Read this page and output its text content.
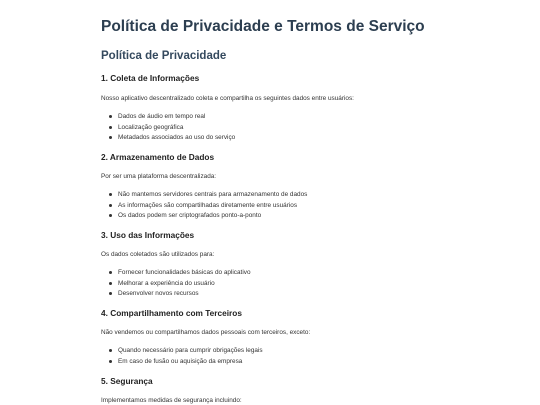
Política de Privacidade e Termos de Serviço
Política de Privacidade
1. Coleta de Informações

Nosso aplicativo descentralizado coleta e compartilha os seguintes dados entre usuários:

Dados de áudio em tempo real
Localização geográfica
Metadados associados ao uso do serviço
2. Armazenamento de Dados

Por ser uma plataforma descentralizada:

Não mantemos servidores centrais para armazenamento de dados
As informações são compartilhadas diretamente entre usuários
Os dados podem ser criptografados ponto-a-ponto
3. Uso das Informações

Os dados coletados são utilizados para:

Fornecer funcionalidades básicas do aplicativo
Melhorar a experiência do usuário
Desenvolver novos recursos
4. Compartilhamento com Terceiros

Não vendemos ou compartilhamos dados pessoais com terceiros, exceto:

Quando necessário para cumprir obrigações legais
Em caso de fusão ou aquisição da empresa
5. Segurança

Implementamos medidas de segurança incluindo:
